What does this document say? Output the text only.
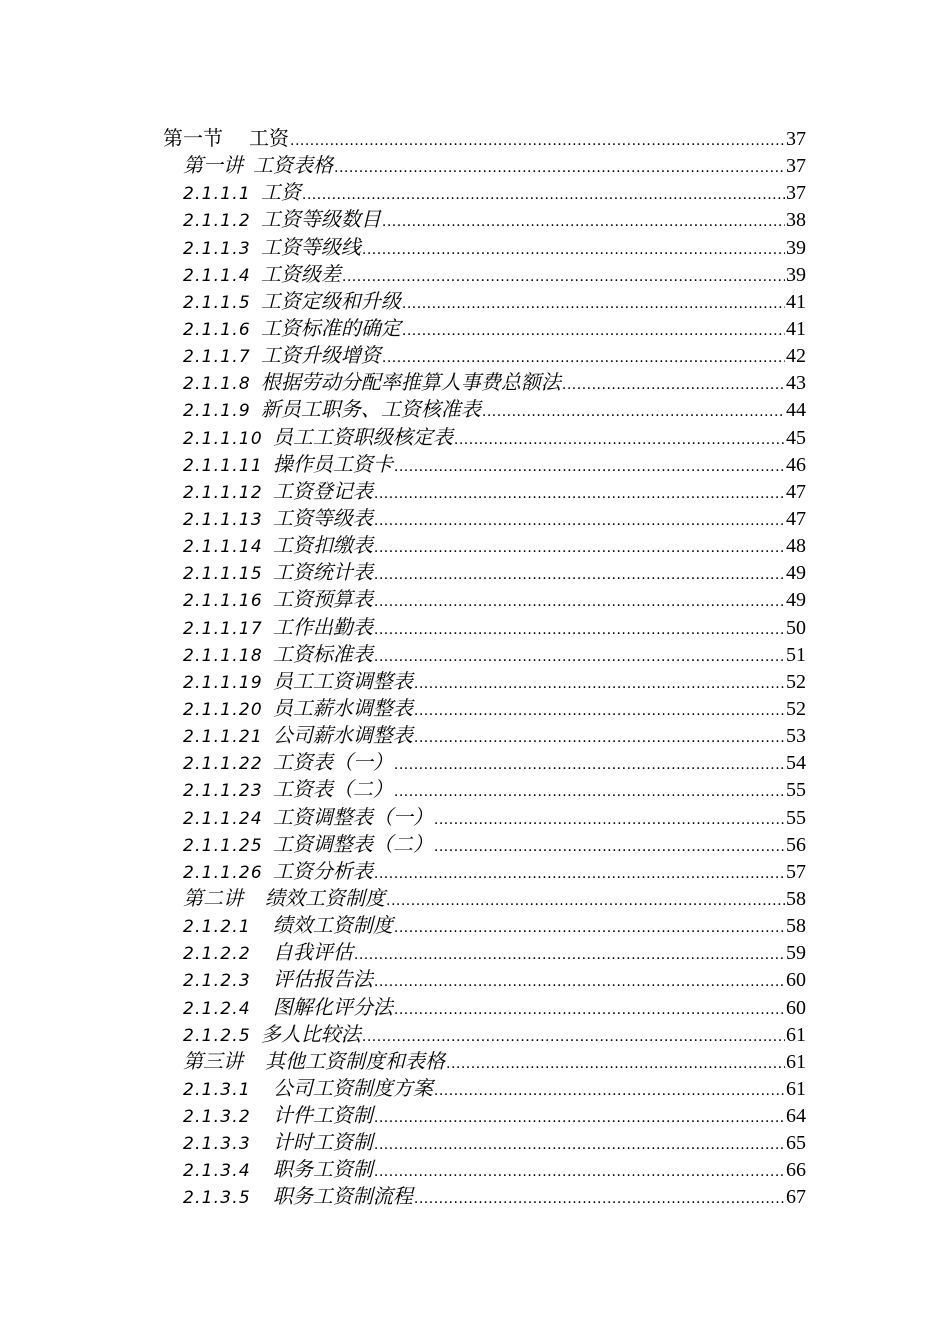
第一节 工资 .....	37
第一讲 工资表格 .....	37
2.1.1.1 工资 .....	37
2.1.1.2 工资等级数目 .....	38
2.1.1.3 工资等级线 .....	39
2.1.1.4 工资级差 .....	39
2.1.1.5 工资定级和升级 .....	41
2.1.1.6 工资标准的确定 .....	41
2.1.1.7 工资升级增资 .....	42
2.1.1.8 根据劳动分配率推算人事费总额法 .....	43
2.1.1.9 新员工职务、工资核准表 .....	44
2.1.1.10 员工工资职级核定表 .....	45
2.1.1.11 操作员工资卡 .....	46
2.1.1.12 工资登记表 .....	47
2.1.1.13 工资等级表 .....	47
2.1.1.14 工资扣缴表 .....	48
2.1.1.15 工资统计表 .....	49
2.1.1.16 工资预算表 .....	49
2.1.1.17 工作出勤表 .....	50
2.1.1.18 工资标准表 .....	51
2.1.1.19 员工工资调整表 .....	52
2.1.1.20 员工薪水调整表 .....	52
2.1.1.21 公司薪水调整表 .....	53
2.1.1.22 工资表（一） .....	54
2.1.1.23 工资表（二） .....	55
2.1.1.24 工资调整表（一） .....	55
2.1.1.25 工资调整表（二） .....	56
2.1.1.26 工资分析表 .....	57
第二讲 绩效工资制度 .....	58
2.1.2.1 绩效工资制度 .....	58
2.1.2.2 自我评估 .....	59
2.1.2.3 评估报告法 .....	60
2.1.2.4 图解化评分法 .....	60
2.1.2.5 多人比较法 .....	61
第三讲 其他工资制度和表格 .....	61
2.1.3.1 公司工资制度方案 .....	61
2.1.3.2 计件工资制 .....	64
2.1.3.3 计时工资制 .....	65
2.1.3.4 职务工资制 .....	66
2.1.3.5 职务工资制流程 .....	67
